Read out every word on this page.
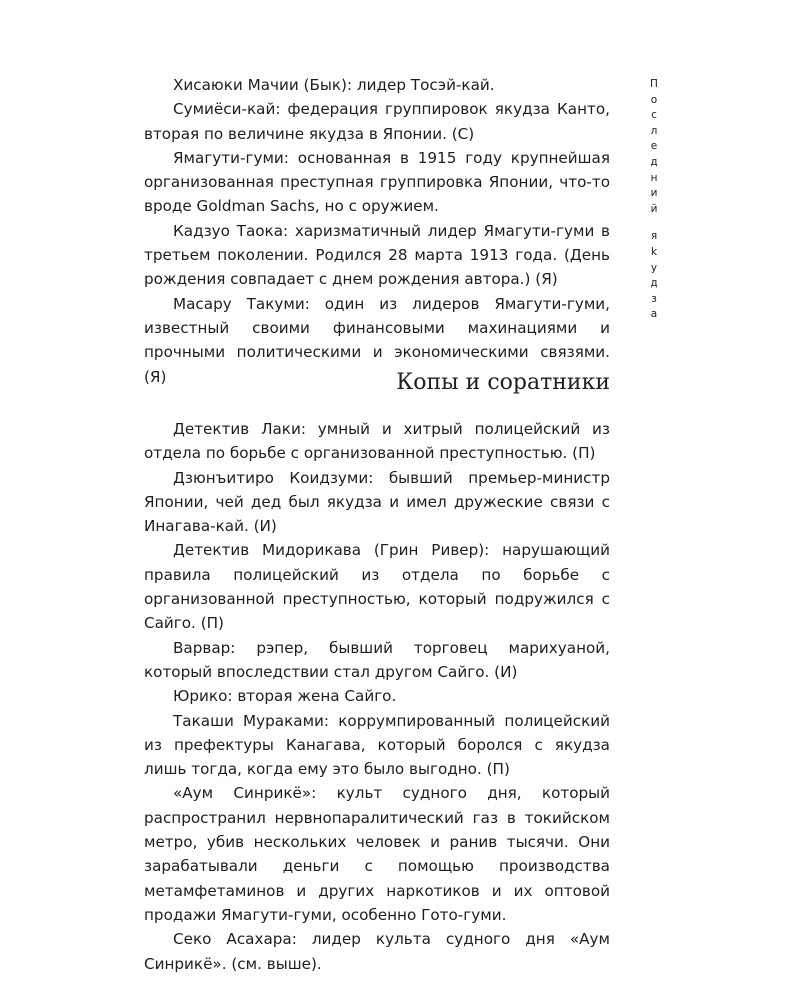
П
о
с
л
е
д
н
и
й
я
k
у
д
з
а

Хисаюки Мачии (Бык): лидер Тосэй-кай.

Сумиёси-кай: федерация группировок якудза Канто, вторая по величине якудза в Японии. (С)

Ямагути-гуми: основанная в 1915 году крупнейшая организованная преступная группировка Японии, что-то вроде Goldman Sachs, но с оружием.

Кадзуо Таока: харизматичный лидер Ямагути-гуми в третьем поколении. Родился 28 марта 1913 года. (День рождения совпадает с днем рождения автора.) (Я)

Масару Такуми: один из лидеров Ямагути-гуми, известный своими финансовыми махинациями и прочными политическими и экономическими связями. (Я)	Копы и соратники

Детектив Лаки: умный и хитрый полицейский из отдела по борьбе с организованной преступностью. (П)

Дзюнъитиро Коидзуми: бывший премьер-министр Японии, чей дед был якудза и имел дружеские связи с Инагава-кай. (И)

Детектив Мидорикава (Грин Ривер): нарушающий правила полицейский из отдела по борьбе с организованной преступностью, который подружился с Сайго. (П)

Варвар: рэпер, бывший торговец марихуаной, который впоследствии стал другом Сайго. (И)

Юрико: вторая жена Сайго.

Такаши Мураками: коррумпированный полицейский из префектуры Канагава, который боролся с якудза лишь тогда, когда ему это было выгодно. (П)

«Аум Синрикё»: культ судного дня, который распространил нервнопаралитический газ в токийском метро, убив нескольких человек и ранив тысячи. Они зарабатывали деньги с помощью производства метамфетаминов и других наркотиков и их оптовой продажи Ямагути-гуми, особенно Гото-гуми.

Секо Асахара: лидер культа судного дня «Аум Синрикё». (см. выше).
